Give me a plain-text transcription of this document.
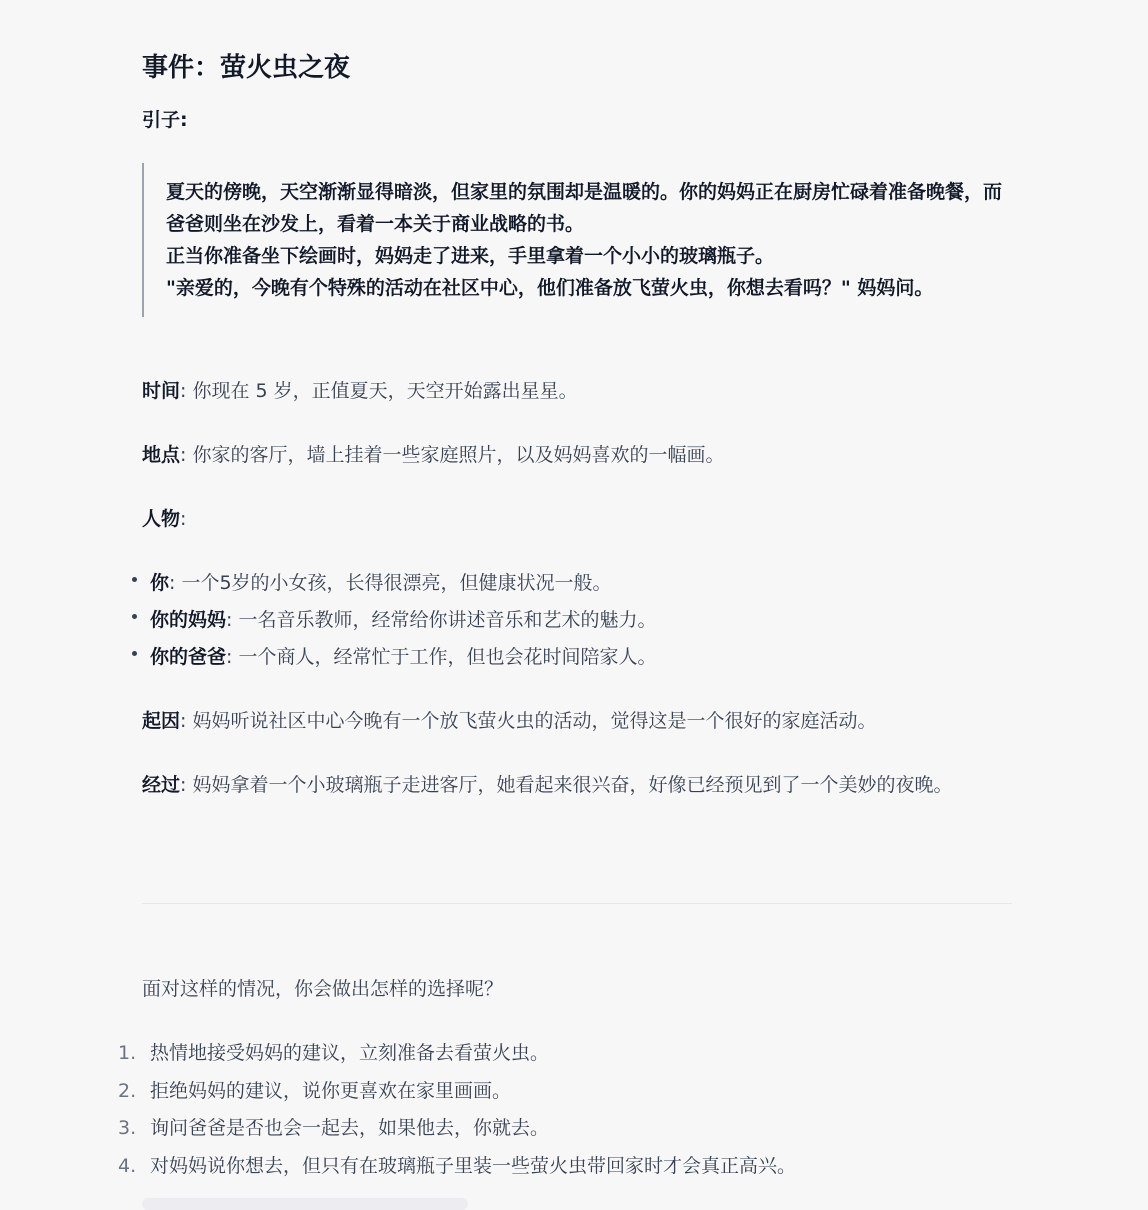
事件：萤火虫之夜
引子:

夏天的傍晚，天空渐渐显得暗淡，但家里的氛围却是温暖的。你的妈妈正在厨房忙碌着准备晚餐，而爸爸则坐在沙发上，看着一本关于商业战略的书。

正当你准备坐下绘画时，妈妈走了进来，手里拿着一个小小的玻璃瓶子。

"亲爱的，今晚有个特殊的活动在社区中心，他们准备放飞萤火虫，你想去看吗？" 妈妈问。

时间: 你现在 5 岁，正值夏天，天空开始露出星星。

地点: 你家的客厅，墙上挂着一些家庭照片，以及妈妈喜欢的一幅画。

人物:

你: 一个5岁的小女孩，长得很漂亮，但健康状况一般。
你的妈妈: 一名音乐教师，经常给你讲述音乐和艺术的魅力。
你的爸爸: 一个商人，经常忙于工作，但也会花时间陪家人。

起因: 妈妈听说社区中心今晚有一个放飞萤火虫的活动，觉得这是一个很好的家庭活动。

经过: 妈妈拿着一个小玻璃瓶子走进客厅，她看起来很兴奋，好像已经预见到了一个美妙的夜晚。

面对这样的情况，你会做出怎样的选择呢？

1. 热情地接受妈妈的建议，立刻准备去看萤火虫。
2. 拒绝妈妈的建议，说你更喜欢在家里画画。
3. 询问爸爸是否也会一起去，如果他去，你就去。
4. 对妈妈说你想去，但只有在玻璃瓶子里装一些萤火虫带回家时才会真正高兴。
